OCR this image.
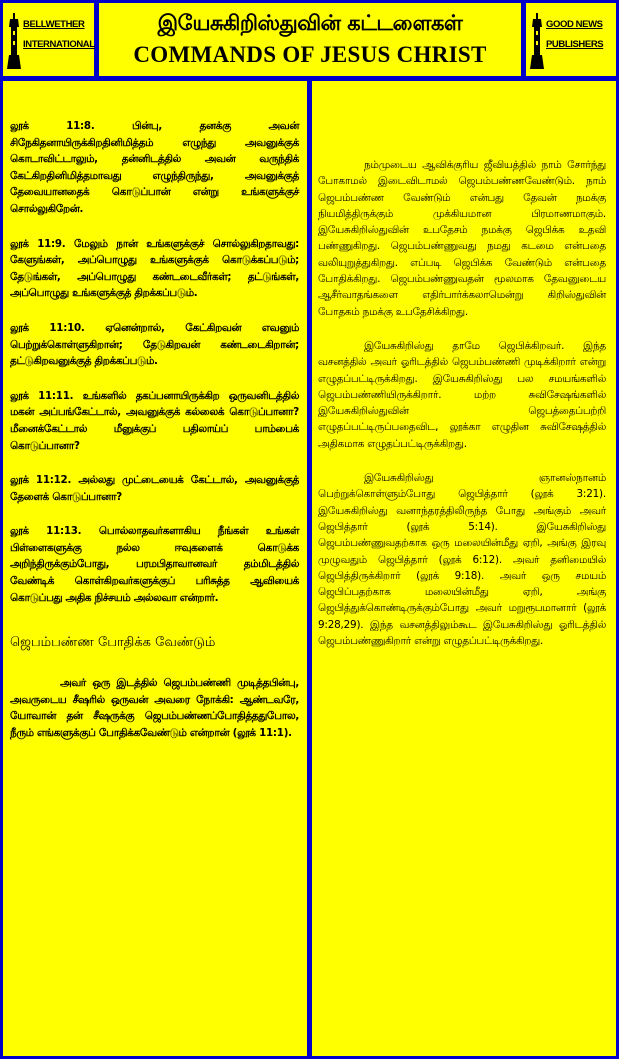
BELLWETHER
INTERNATIONAL
இயேசுகிறிஸ்துவின் கட்டளைகள்
COMMANDS OF JESUS CHRIST
GOOD NEWS
PUBLISHERS

லூக் 11:8. பின்பு, தனக்கு அவன் சிநேகிதனாயிருக்கிறதினிமித்தம் எழுந்து அவனுக்குக் கொடாவிட்டாலும், தன்னிடத்தில் அவன் வருந்திக் கேட்கிறதினிமித்தமாவது எழுந்திருந்து, அவனுக்குத் தேவையானதைக் கொடுப்பான் என்று உங்களுக்குச் சொல்லுகிறேன்.

லூக் 11:9. மேலும் நான் உங்களுக்குச் சொல்லுகிறதாவது: கேளுங்கள், அப்பொழுது உங்களுக்குக் கொடுக்கப்படும்; தேடுங்கள், அப்பொழுது கண்டடைவீர்கள்; தட்டுங்கள், அப்பொழுது உங்களுக்குத் திறக்கப்படும்.

லூக் 11:10. ஏனென்றால், கேட்கிறவன் எவனும் பெற்றுக்கொள்ளுகிறான்; தேடுகிறவன் கண்டடைகிறான்; தட்டுகிறவனுக்குத் திறக்கப்படும்.

லூக் 11:11. உங்களில் தகப்பனாயிருக்கிற ஒருவனிடத்தில் மகன் அப்பங்கேட்டால், அவனுக்குக் கல்லைக் கொடுப்பானா? மீனைக்கேட்டால் மீனுக்குப் பதிலாய்ப் பாம்பைக் கொடுப்பானா?

லூக் 11:12. அல்லது முட்டையைக் கேட்டால், அவனுக்குத் தேளைக் கொடுப்பானா?

லூக் 11:13. பொல்லாதவர்களாகிய நீங்கள் உங்கள் பிள்ளைகளுக்கு நல்ல ஈவுகளைக் கொடுக்க அறிந்திருக்கும்போது, பரமபிதாவானவர் தம்மிடத்தில் வேண்டிக் கொள்கிறவர்களுக்குப் பரிசுத்த ஆவியைக் கொடுப்பது அதிக நிச்சயம் அல்லவா என்றார்.

ஜெபம்பண்ண போதிக்க வேண்டும்

அவர் ஒரு இடத்தில் ஜெபம்பண்ணி முடித்தபின்பு, அவருடைய சீஷரில் ஒருவன் அவரை நோக்கி: ஆண்டவரே, யோவான் தன் சீஷருக்கு ஜெபம்பண்ணப்போதித்ததுபோல, நீரும் எங்களுக்குப் போதிக்கவேண்டும் என்றான் (லூக் 11:1).

நம்முடைய ஆவிக்குரிய ஜீவியத்தில் நாம் சோர்ந்து போகாமல் இடைவிடாமல் ஜெபம்பண்ணவேண்டும். நாம் ஜெபம்பண்ண வேண்டும் என்பது தேவன் நமக்கு நியமித்திருக்கும் முக்கியமான பிரமாணமாகும். இயேசுகிறிஸ்துவின் உபதேசம் நமக்கு ஜெபிக்க உதவி பண்ணுகிறது. ஜெபம்பண்ணுவது நமது கடமை என்பதை வலியுறுத்துகிறது. எப்படி ஜெபிக்க வேண்டும் என்பதை போதிக்கிறது. ஜெபம்பண்ணுவதன் மூலமாக தேவனுடைய ஆசீர்வாதங்களை எதிர்பார்க்கலாமென்று கிறிஸ்துவின் போதகம் நமக்கு உபதேசிக்கிறது.

இயேசுகிறிஸ்து தாமே ஜெபிக்கிறவர். இந்த வசனத்தில் அவர் ஓரிடத்தில் ஜெபம்பண்ணி முடிக்கிறார் என்று எழுதப்பட்டிருக்கிறது. இயேசுகிறிஸ்து பல சமயங்களில் ஜெபம்பண்ணியிருக்கிறார். மற்ற சுவிசேஷங்களில் இயேசுகிறிஸ்துவின் ஜெபத்தைப்பற்றி எழுதப்பட்டிருப்பதைவிட, லூக்கா எழுதின சுவிசேஷத்தில் அதிகமாக எழுதப்பட்டிருக்கிறது.

இயேசுகிறிஸ்து ஞானஸ்நானம் பெற்றுக்கொள்ளும்போது ஜெபித்தார் (லூக் 3:21). இயேசுகிறிஸ்து வனாந்தரத்திலிருந்த போது அங்கும் அவர் ஜெபித்தார் (லூக் 5:14). இயேசுகிறிஸ்து ஜெபம்பண்ணுவதற்காக ஒரு மலையின்மீது ஏறி, அங்கு இரவு முழுவதும் ஜெபித்தார் (லூக் 6:12). அவர் தனிமையில் ஜெபித்திருக்கிறார் (லூக் 9:18). அவர் ஒரு சமயம் ஜெபிப்பதற்காக மலையின்மீது ஏறி, அங்கு ஜெபித்துக்கொண்டிருக்கும்போது அவர் மறுரூபமானார் (லூக் 9:28,29). இந்த வசனத்திலும்கூட இயேசுகிறிஸ்து ஓரிடத்தில் ஜெபம்பண்ணுகிறார் என்று எழுதப்பட்டிருக்கிறது.
